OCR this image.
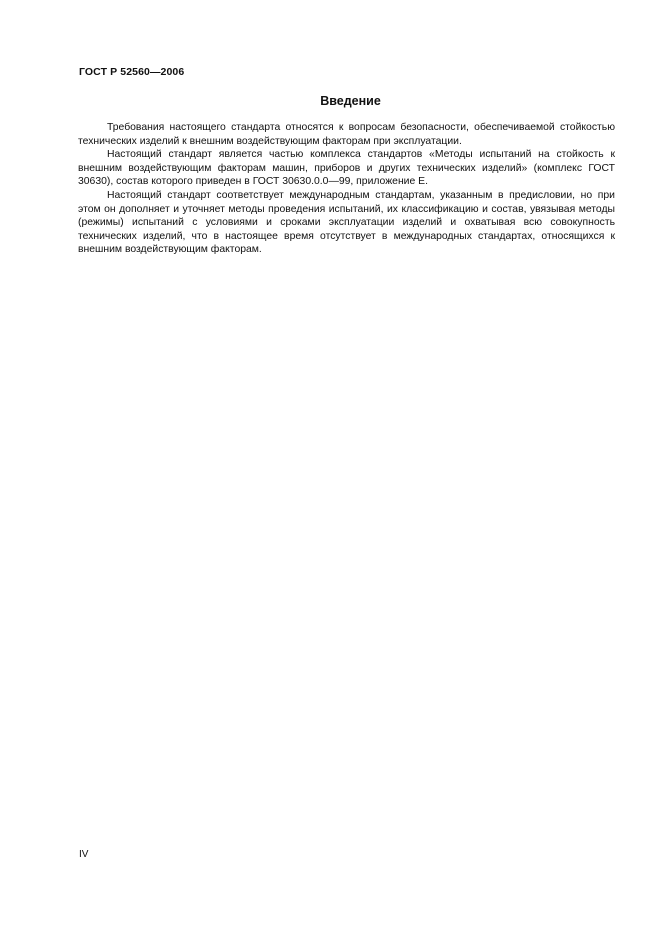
ГОСТ Р 52560—2006
Введение

Требования настоящего стандарта относятся к вопросам безопасности, обеспечиваемой стойкостью технических изделий к внешним воздействующим факторам при эксплуатации.

Настоящий стандарт является частью комплекса стандартов «Методы испытаний на стойкость к внешним воздействующим факторам машин, приборов и других технических изделий» (комплекс ГОСТ 30630), состав которого приведен в ГОСТ 30630.0.0—99, приложение Е.

Настоящий стандарт соответствует международным стандартам, указанным в предисловии, но при этом он дополняет и уточняет методы проведения испытаний, их классификацию и состав, увязывая методы (режимы) испытаний с условиями и сроками эксплуатации изделий и охватывая всю совокупность технических изделий, что в настоящее время отсутствует в международных стандартах, относящихся к внешним воздействующим факторам.

IV
